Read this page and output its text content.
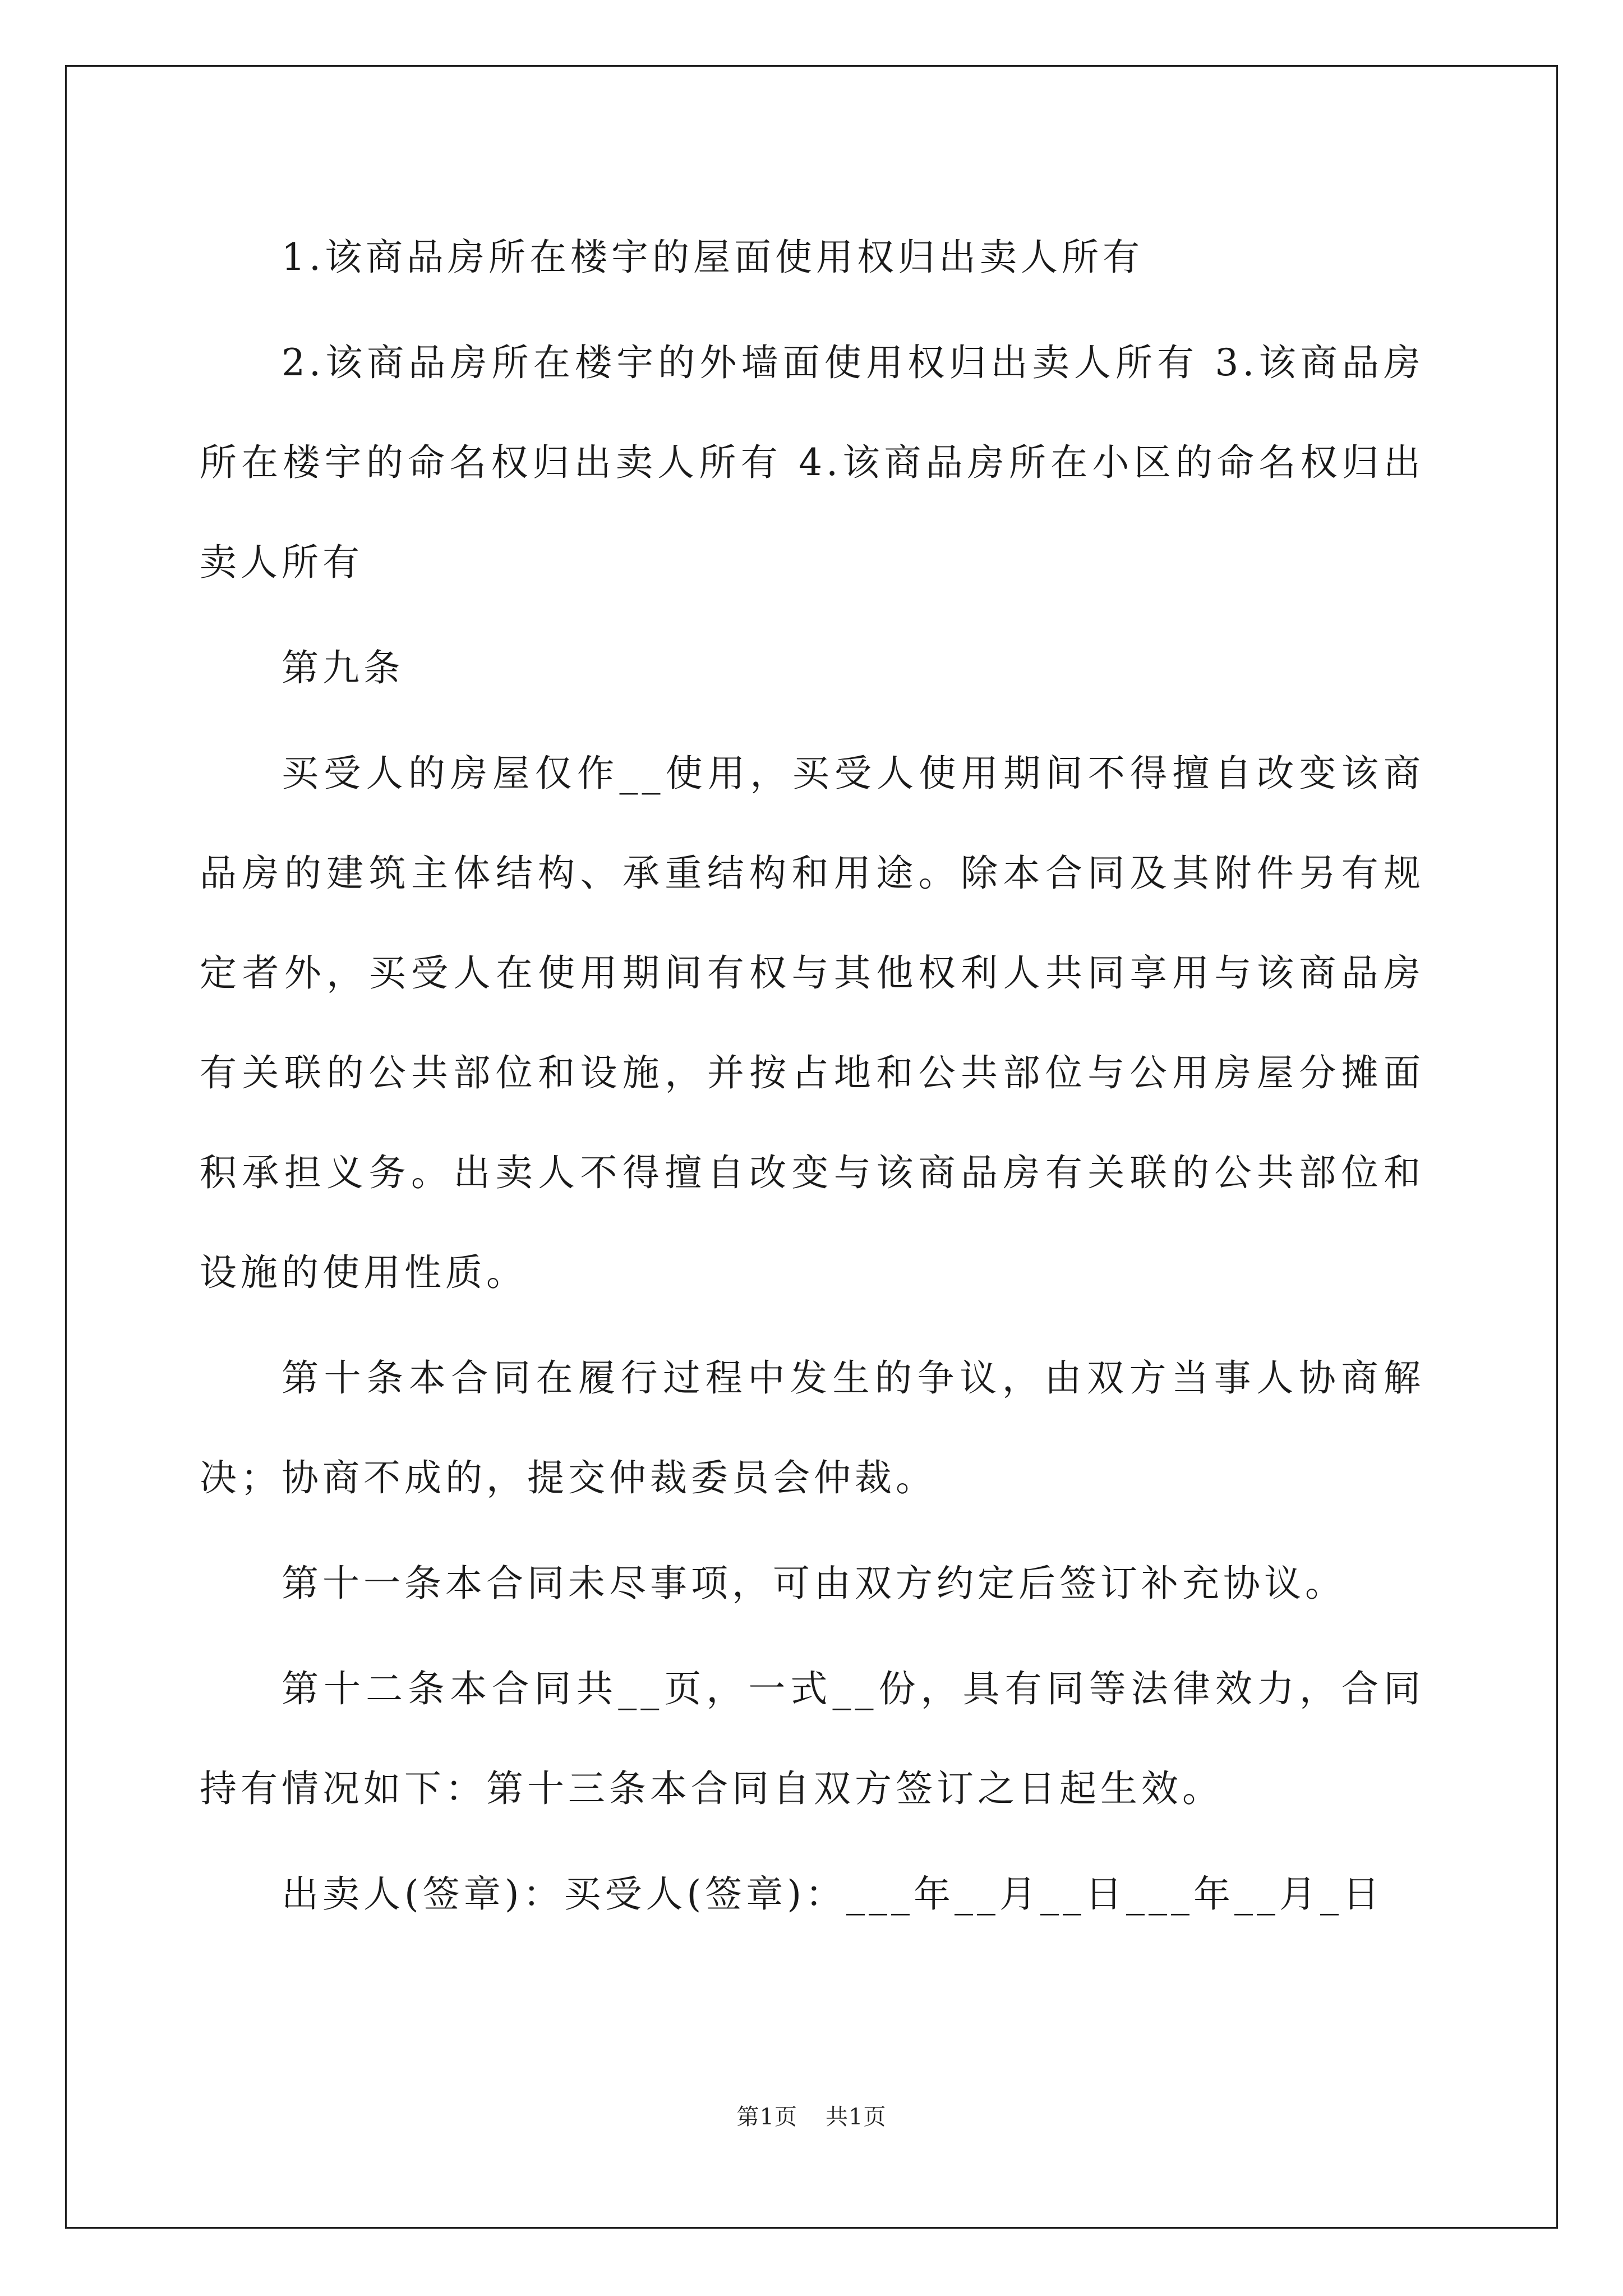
1.该商品房所在楼宇的屋面使用权归出卖人所有

2.该商品房所在楼宇的外墙面使用权归出卖人所有 3.该商品房所在楼宇的命名权归出卖人所有 4.该商品房所在小区的命名权归出卖人所有

第九条

买受人的房屋仅作__使用，买受人使用期间不得擅自改变该商品房的建筑主体结构、承重结构和用途。除本合同及其附件另有规定者外，买受人在使用期间有权与其他权利人共同享用与该商品房有关联的公共部位和设施，并按占地和公共部位与公用房屋分摊面积承担义务。出卖人不得擅自改变与该商品房有关联的公共部位和设施的使用性质。

第十条本合同在履行过程中发生的争议，由双方当事人协商解决；协商不成的，提交仲裁委员会仲裁。

第十一条本合同未尽事项，可由双方约定后签订补充协议。

第十二条本合同共__页，一式__份，具有同等法律效力，合同持有情况如下：第十三条本合同自双方签订之日起生效。

出卖人(签章)：买受人(签章)：___年__月__日___年__月_日

第1页 共1页
